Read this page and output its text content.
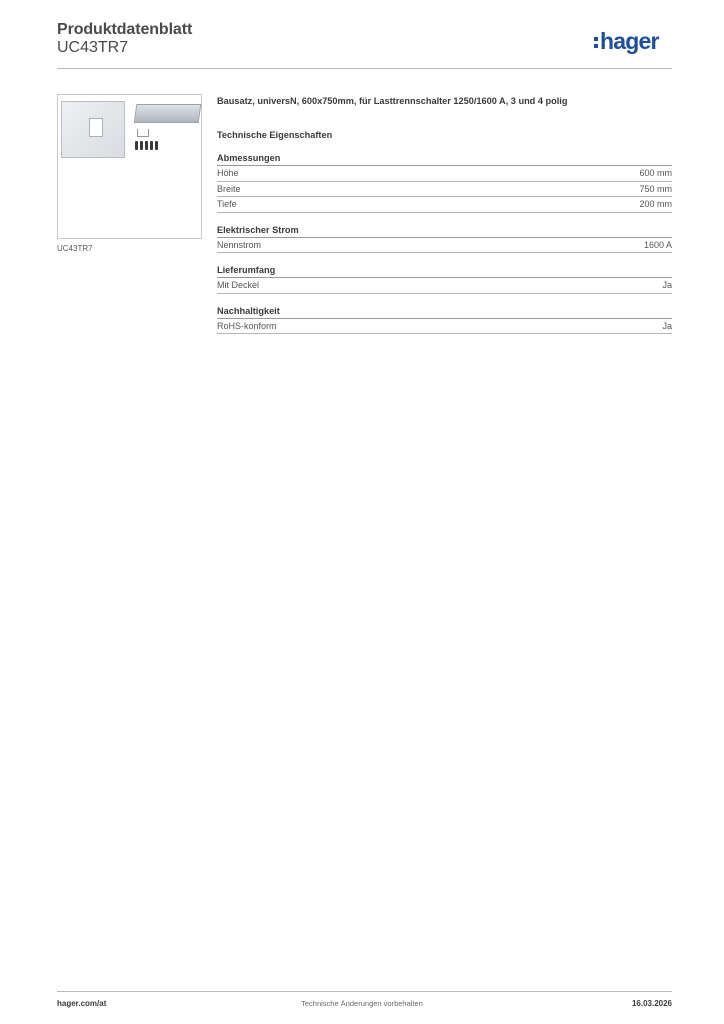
Produktdatenblatt
UC43TR7	hager
UC43TR7

Bausatz, universN, 600x750mm, für Lasttrennschalter 1250/1600 A, 3 und 4 polig

Technische Eigenschaften
Abmessungen
Höhe	600 mm
Breite	750 mm
Tiefe	200 mm
Elektrischer Strom
Nennstrom	1600 A
Lieferumfang
Mit Deckel	Ja
Nachhaltigkeit
RoHS-konform	Ja
hager.com/at	Technische Änderungen vorbehalten	16.03.2026
